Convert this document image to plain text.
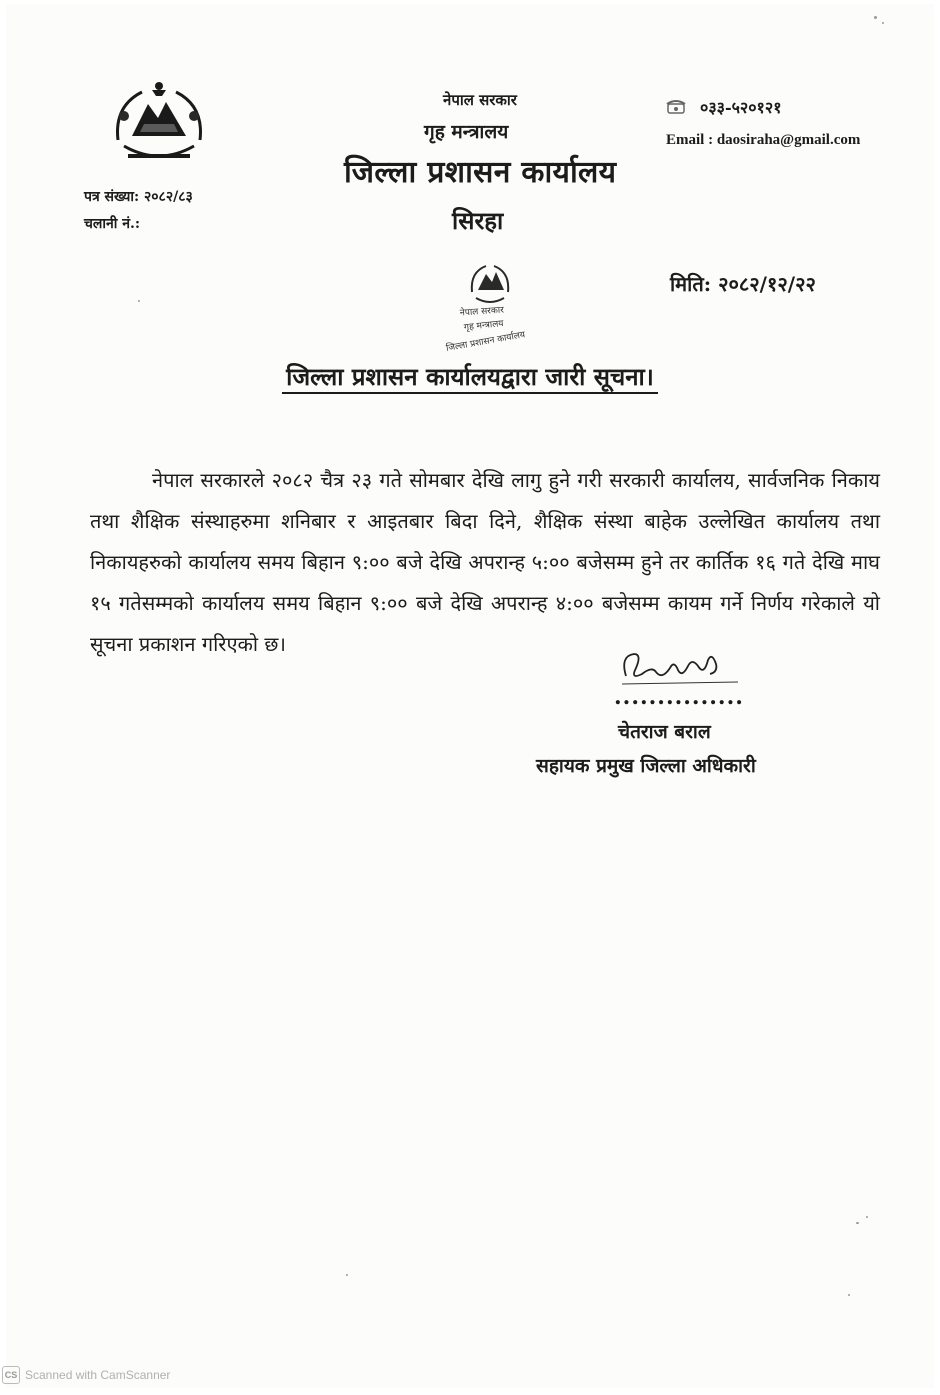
नेपाल सरकार
गृह मन्त्रालय
जिल्ला प्रशासन कार्यालय
सिरहा
०३३-५२०१२१
Email : daosiraha@gmail.com
पत्र संख्या: २०८२/८३
चलानी नं.:
मिति: २०८२/१२/२२
नेपाल सरकार
गृह मन्त्रालय
जिल्ला प्रशासन कार्यालय
जिल्ला प्रशासन कार्यालयद्वारा जारी सूचना।

नेपाल सरकारले २०८२ चैत्र २३ गते सोमबार देखि लागु हुने गरी सरकारी कार्यालय, सार्वजनिक निकाय तथा शैक्षिक संस्थाहरुमा शनिबार र आइतबार बिदा दिने, शैक्षिक संस्था बाहेक उल्लेखित कार्यालय तथा निकायहरुको कार्यालय समय बिहान ९:०० बजे देखि अपरान्ह ५:०० बजेसम्म हुने तर कार्तिक १६ गते देखि माघ १५ गतेसम्मको कार्यालय समय बिहान ९:०० बजे देखि अपरान्ह ४:०० बजेसम्म कायम गर्ने निर्णय गरेकाले यो सूचना प्रकाशन गरिएको छ।

...............
चेतराज बराल
सहायक प्रमुख जिल्ला अधिकारी
CS Scanned with CamScanner
